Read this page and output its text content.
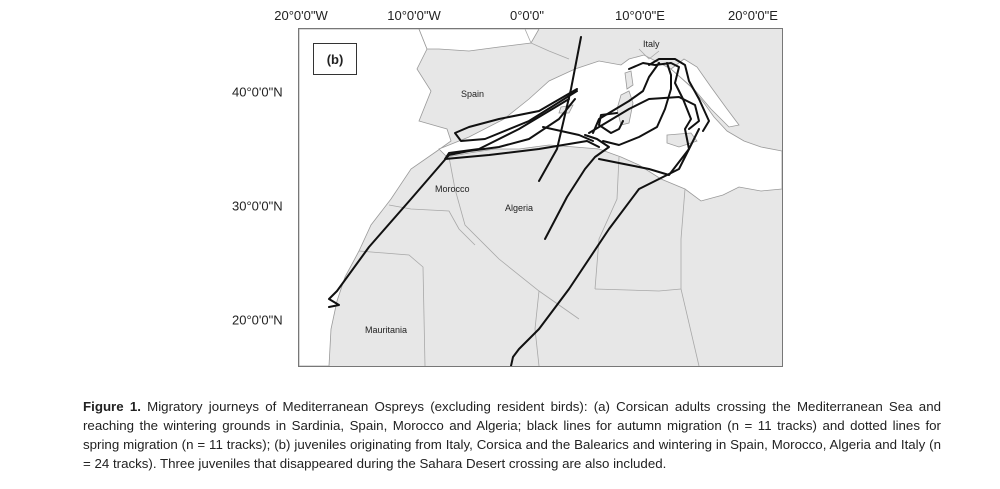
20°0'0"W	10°0'0"W	0°0'0"	10°0'0"E	20°0'0"E
40°0'0"N
30°0'0"N
20°0'0"N
(b)
Italy
Spain
Morocco
Algeria
Mauritania
Figure 1. Migratory journeys of Mediterranean Ospreys (excluding resident birds): (a) Corsican adults crossing the Mediterranean Sea and reaching the wintering grounds in Sardinia, Spain, Morocco and Algeria; black lines for autumn migration (n = 11 tracks) and dotted lines for spring migration (n = 11 tracks); (b) juveniles originating from Italy, Corsica and the Balearics and wintering in Spain, Morocco, Algeria and Italy (n = 24 tracks). Three juveniles that disappeared during the Sahara Desert crossing are also included.
